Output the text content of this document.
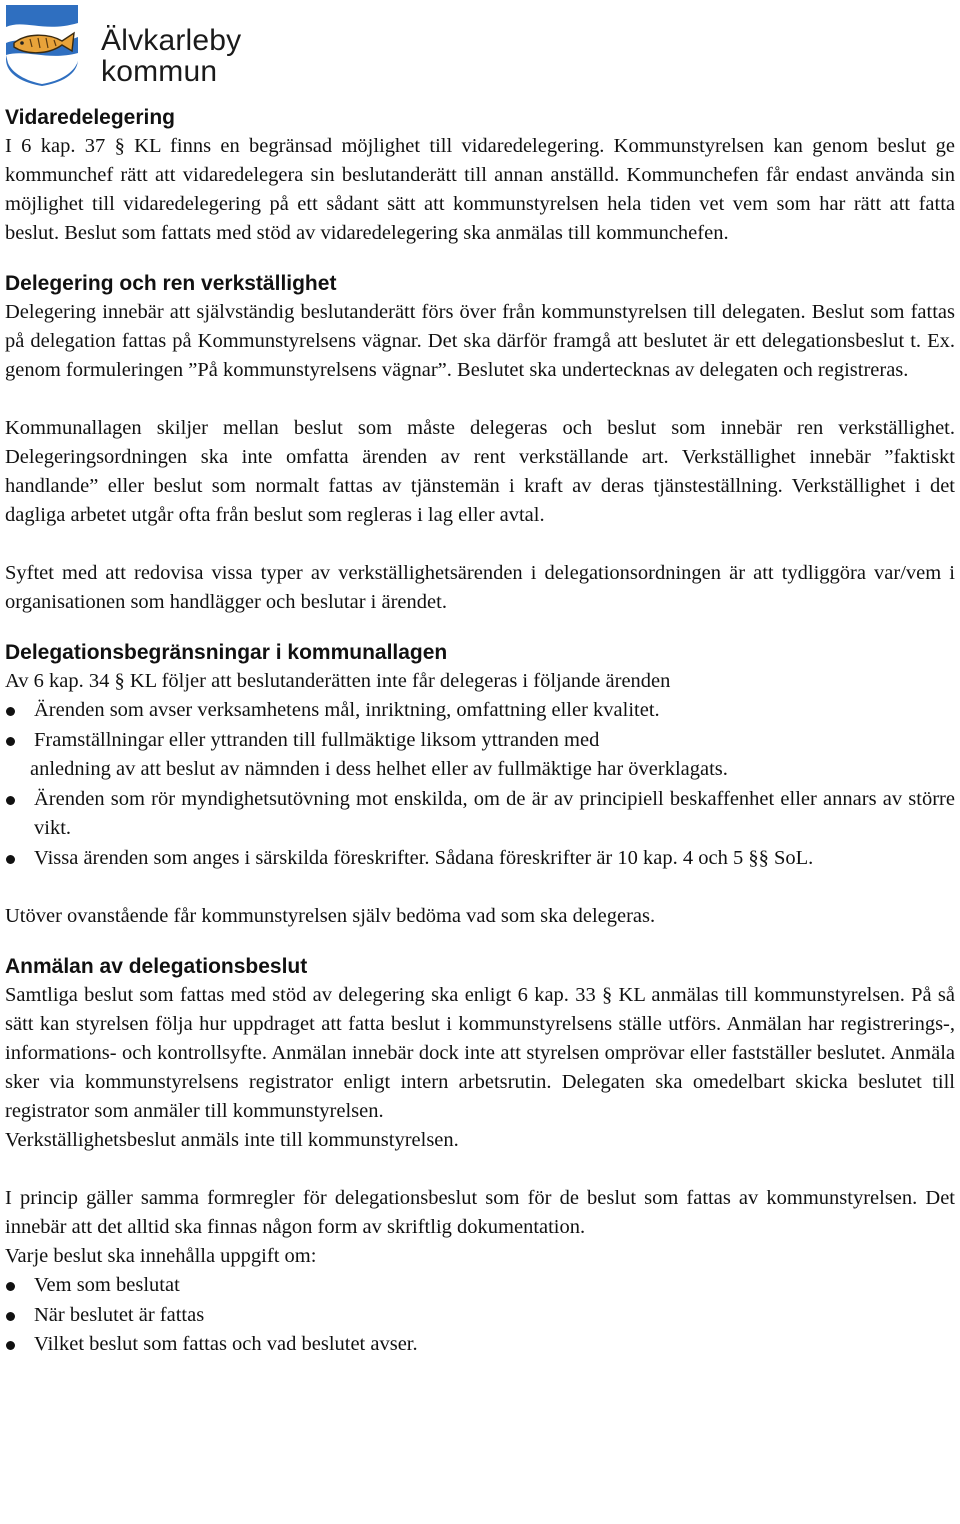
Älvkarleby
kommun
Vidaredelegering

I 6 kap. 37 § KL finns en begränsad möjlighet till vidaredelegering. Kommunstyrelsen kan genom beslut ge kommunchef rätt att vidaredelegera sin beslutanderätt till annan anställd. Kommunchefen får endast använda sin möjlighet till vidaredelegering på ett sådant sätt att kommunstyrelsen hela tiden vet vem som har rätt att fatta beslut. Beslut som fattats med stöd av vidaredelegering ska anmälas till kommunchefen.

Delegering och ren verkställighet

Delegering innebär att självständig beslutanderätt förs över från kommunstyrelsen till delegaten. Beslut som fattas på delegation fattas på Kommunstyrelsens vägnar. Det ska därför framgå att beslutet är ett delegationsbeslut t. Ex. genom formuleringen ”På kommunstyrelsens vägnar”. Beslutet ska undertecknas av delegaten och registreras.

Kommunallagen skiljer mellan beslut som måste delegeras och beslut som innebär ren verkställighet. Delegeringsordningen ska inte omfatta ärenden av rent verkställande art. Verkställighet innebär ”faktiskt handlande” eller beslut som normalt fattas av tjänstemän i kraft av deras tjänsteställning. Verkställighet i det dagliga arbetet utgår ofta från beslut som regleras i lag eller avtal.

Syftet med att redovisa vissa typer av verkställighetsärenden i delegationsordningen är att tydliggöra var/vem i organisationen som handlägger och beslutar i ärendet.

Delegationsbegränsningar i kommunallagen

Av 6 kap. 34 § KL följer att beslutanderätten inte får delegeras i följande ärenden

Ärenden som avser verksamhetens mål, inriktning, omfattning eller kvalitet.
Framställningar eller yttranden till fullmäktige liksom yttranden med
anledning av att beslut av nämnden i dess helhet eller av fullmäktige har överklagats.
Ärenden som rör myndighetsutövning mot enskilda, om de är av principiell beskaffenhet eller annars av större vikt.
Vissa ärenden som anges i särskilda föreskrifter. Sådana föreskrifter är 10 kap. 4 och 5 §§ SoL.

Utöver ovanstående får kommunstyrelsen själv bedöma vad som ska delegeras.

Anmälan av delegationsbeslut

Samtliga beslut som fattas med stöd av delegering ska enligt 6 kap. 33 § KL anmälas till kommunstyrelsen. På så sätt kan styrelsen följa hur uppdraget att fatta beslut i kommunstyrelsens ställe utförs. Anmälan har registrerings-, informations- och kontrollsyfte. Anmälan innebär dock inte att styrelsen omprövar eller fastställer beslutet. Anmäla sker via kommunstyrelsens registrator enligt intern arbetsrutin. Delegaten ska omedelbart skicka beslutet till registrator som anmäler till kommunstyrelsen.

Verkställighetsbeslut anmäls inte till kommunstyrelsen.

I princip gäller samma formregler för delegationsbeslut som för de beslut som fattas av kommunstyrelsen. Det innebär att det alltid ska finnas någon form av skriftlig dokumentation.

Varje beslut ska innehålla uppgift om:

Vem som beslutat
När beslutet är fattas
Vilket beslut som fattas och vad beslutet avser.
